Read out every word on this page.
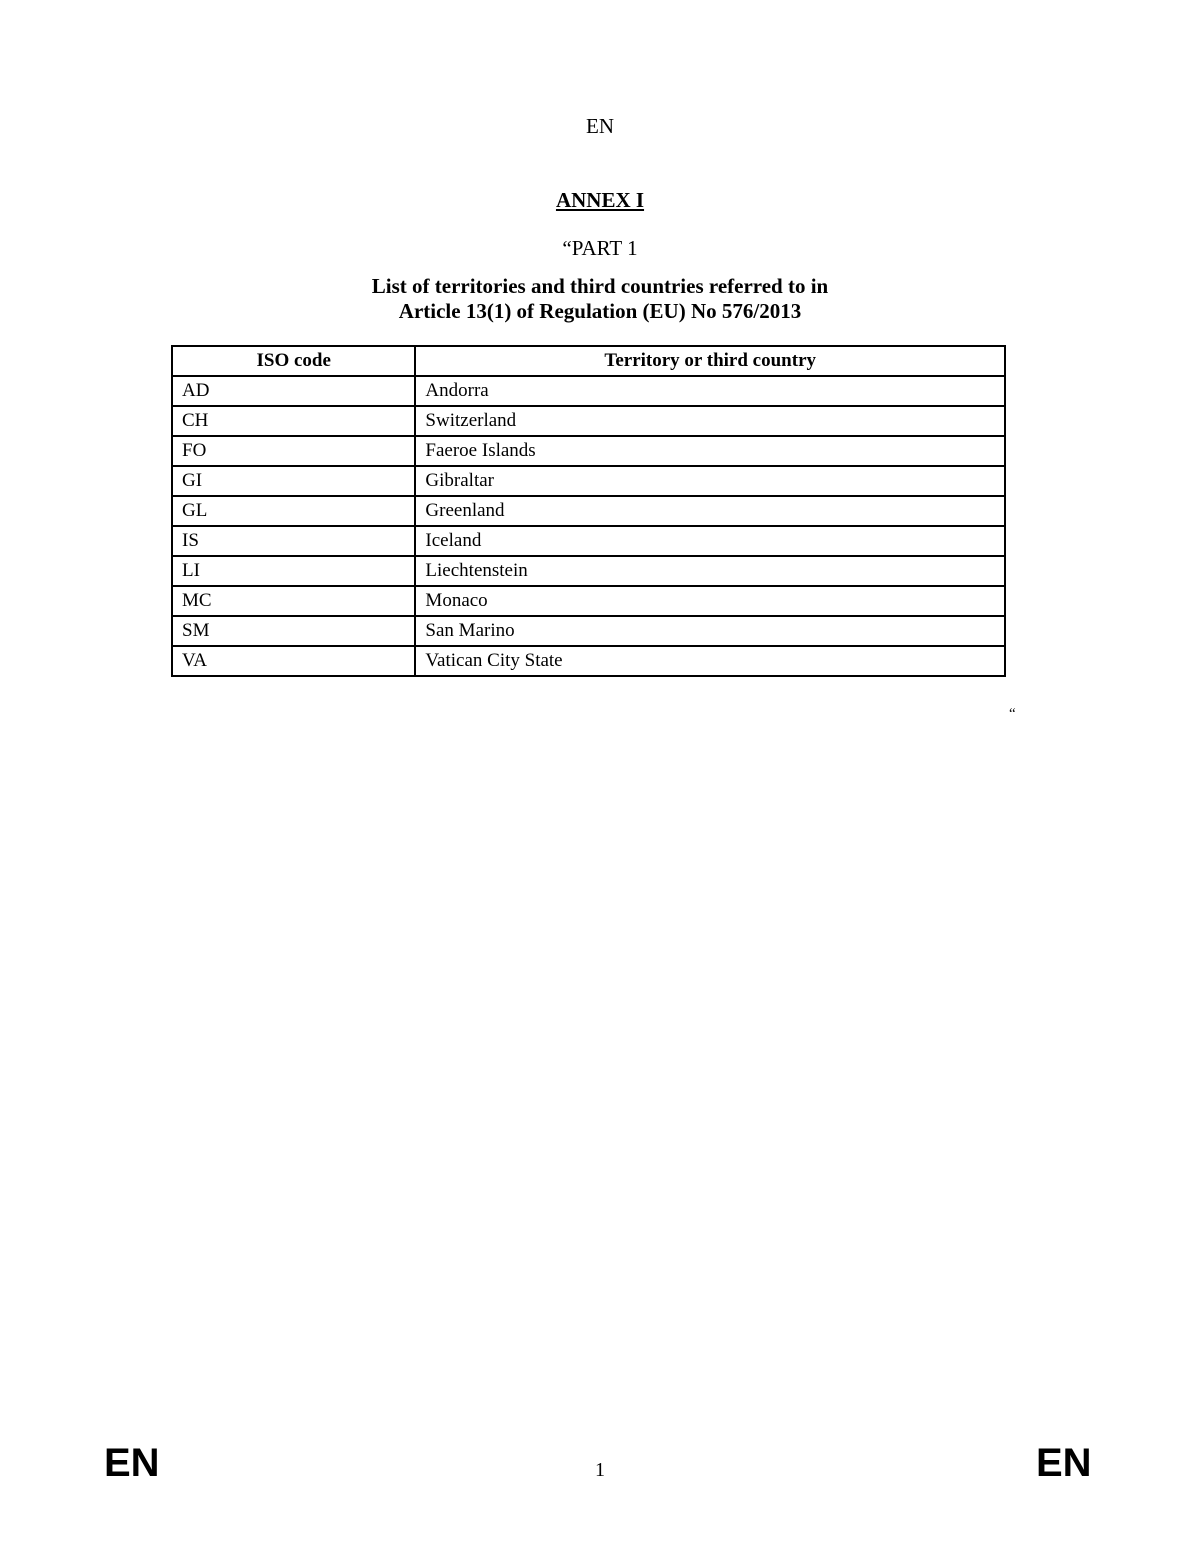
EN
ANNEX I
“PART 1
List of territories and third countries referred to in
Article 13(1) of Regulation (EU) No 576/2013
ISO code	Territory or third country
AD	Andorra
CH	Switzerland
FO	Faeroe Islands
GI	Gibraltar
GL	Greenland
IS	Iceland
LI	Liechtenstein
MC	Monaco
SM	San Marino
VA	Vatican City State
“
EN	1	EN
